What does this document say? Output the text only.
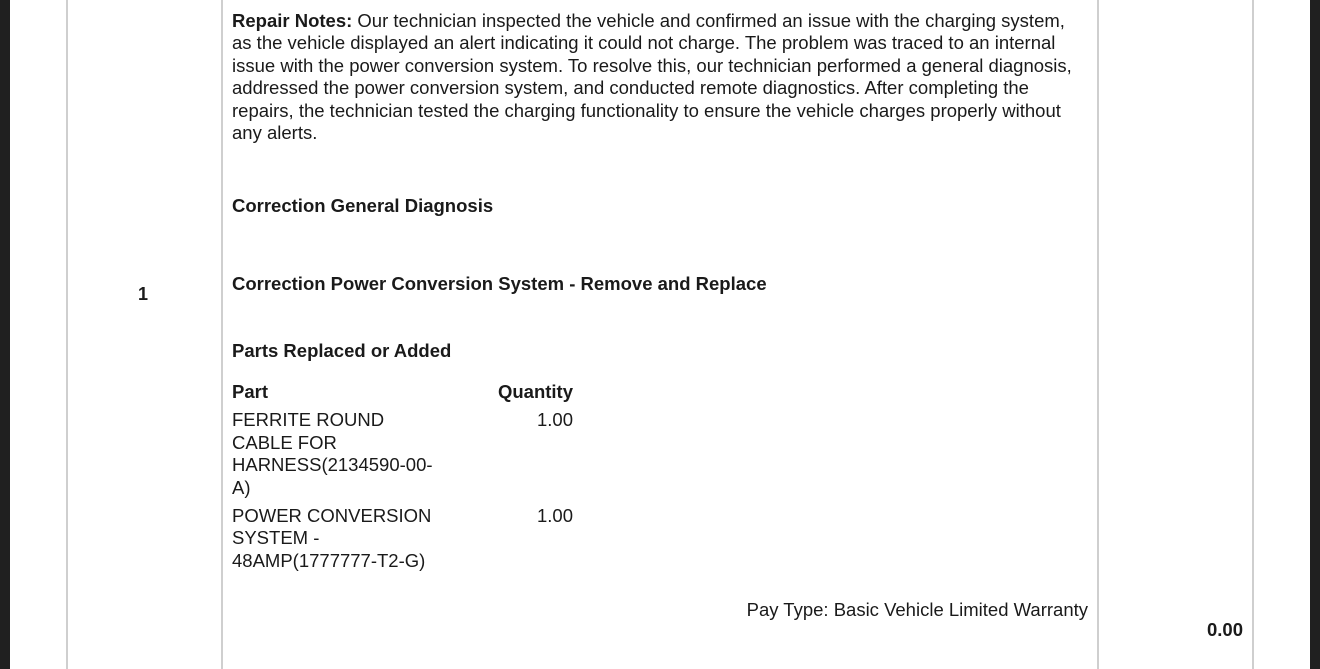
1

Repair Notes: Our technician inspected the vehicle and confirmed an issue with the charging system, as the vehicle displayed an alert indicating it could not charge. The problem was traced to an internal issue with the power conversion system. To resolve this, our technician performed a general diagnosis, addressed the power conversion system, and conducted remote diagnostics. After completing the repairs, the technician tested the charging functionality to ensure the vehicle charges properly without any alerts.

Correction General Diagnosis
Correction Power Conversion System - Remove and Replace
Parts Replaced or Added
Part	Quantity
FERRITE ROUND CABLE FOR HARNESS(2134590-00-A)	1.00
POWER CONVERSION SYSTEM - 48AMP(1777777-T2-G)	1.00
Pay Type: Basic Vehicle Limited Warranty
0.00
